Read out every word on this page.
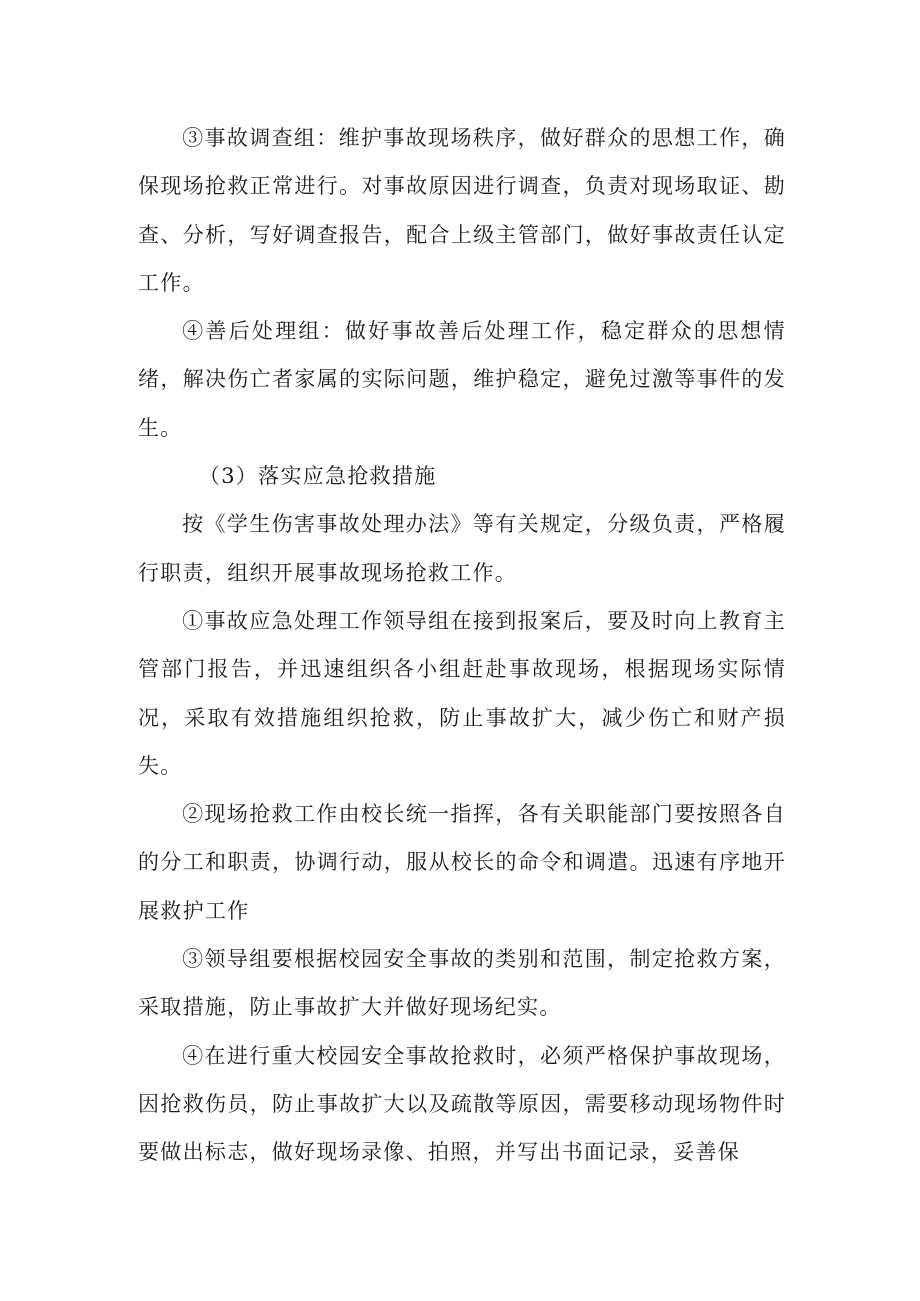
③事故调查组：维护事故现场秩序，做好群众的思想工作，确保现场抢救正常进行。对事故原因进行调查，负责对现场取证、勘查、分析，写好调查报告，配合上级主管部门，做好事故责任认定工作。

④善后处理组：做好事故善后处理工作，稳定群众的思想情绪，解决伤亡者家属的实际问题，维护稳定，避免过激等事件的发生。

（3）落实应急抢救措施

按《学生伤害事故处理办法》等有关规定，分级负责，严格履行职责，组织开展事故现场抢救工作。

①事故应急处理工作领导组在接到报案后，要及时向上教育主管部门报告，并迅速组织各小组赶赴事故现场，根据现场实际情况，采取有效措施组织抢救，防止事故扩大，减少伤亡和财产损失。

②现场抢救工作由校长统一指挥，各有关职能部门要按照各自的分工和职责，协调行动，服从校长的命令和调遣。迅速有序地开展救护工作

③领导组要根据校园安全事故的类别和范围，制定抢救方案，采取措施，防止事故扩大并做好现场纪实。

④在进行重大校园安全事故抢救时，必须严格保护事故现场，因抢救伤员，防止事故扩大以及疏散等原因，需要移动现场物件时要做出标志，做好现场录像、拍照，并写出书面记录，妥善保
